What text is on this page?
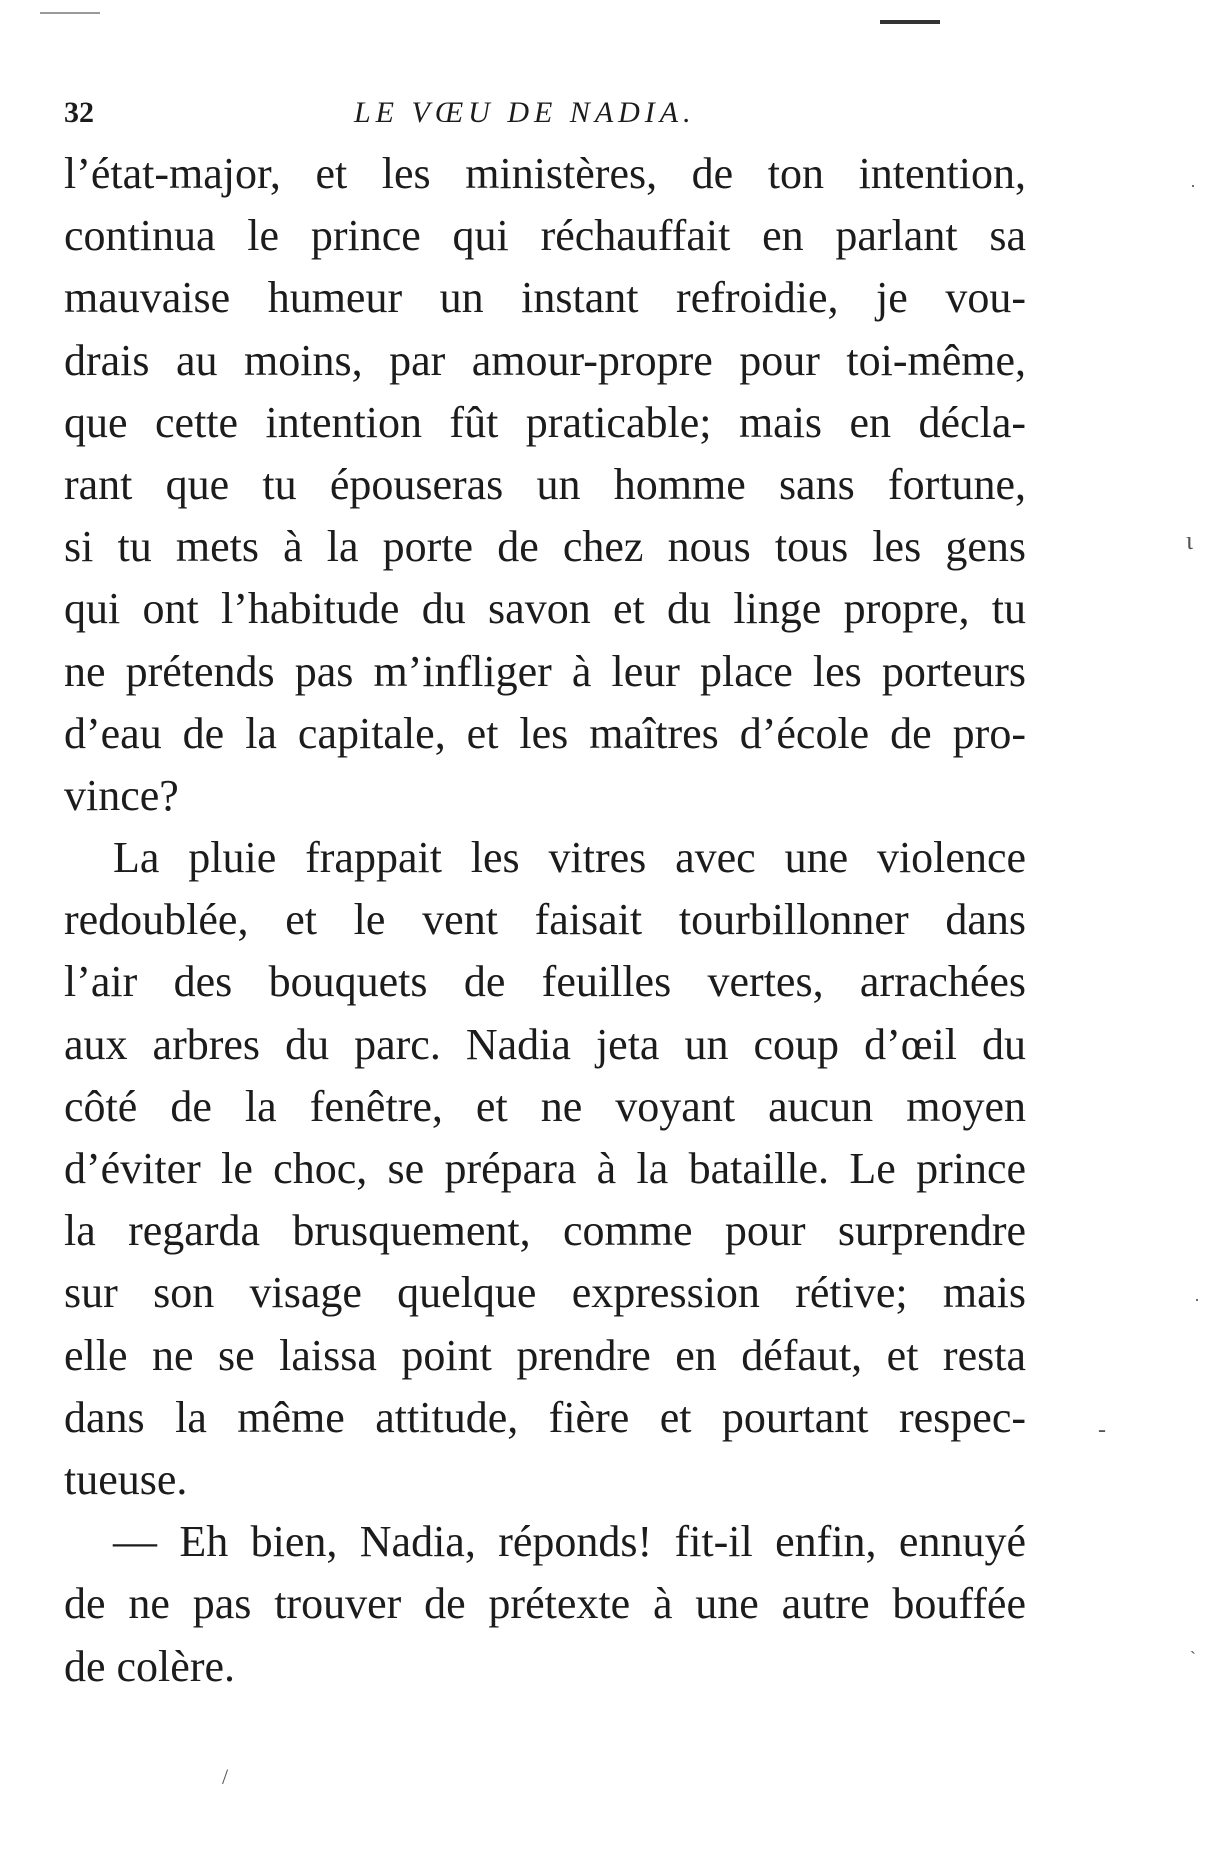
32	LE VŒU DE NADIA.
l’état-major, et les ministères, de ton intention,
continua le prince qui réchauffait en parlant sa
mauvaise humeur un instant refroidie, je vou-
drais au moins, par amour-propre pour toi-même,
que cette intention fût praticable; mais en décla-
rant que tu épouseras un homme sans fortune,
si tu mets à la porte de chez nous tous les gens
qui ont l’habitude du savon et du linge propre, tu
ne prétends pas m’infliger à leur place les porteurs
d’eau de la capitale, et les maîtres d’école de pro-
vince?
La pluie frappait les vitres avec une violence
redoublée, et le vent faisait tourbillonner dans
l’air des bouquets de feuilles vertes, arrachées
aux arbres du parc. Nadia jeta un coup d’œil du
côté de la fenêtre, et ne voyant aucun moyen
d’éviter le choc, se prépara à la bataille. Le prince
la regarda brusquement, comme pour surprendre
sur son visage quelque expression rétive; mais
elle ne se laissa point prendre en défaut, et resta
dans la même attitude, fière et pourtant respec-
tueuse.
— Eh bien, Nadia, réponds! fit-il enfin, ennuyé
de ne pas trouver de prétexte à une autre bouffée
de colère.
·
ɩ
·
-
`
/
